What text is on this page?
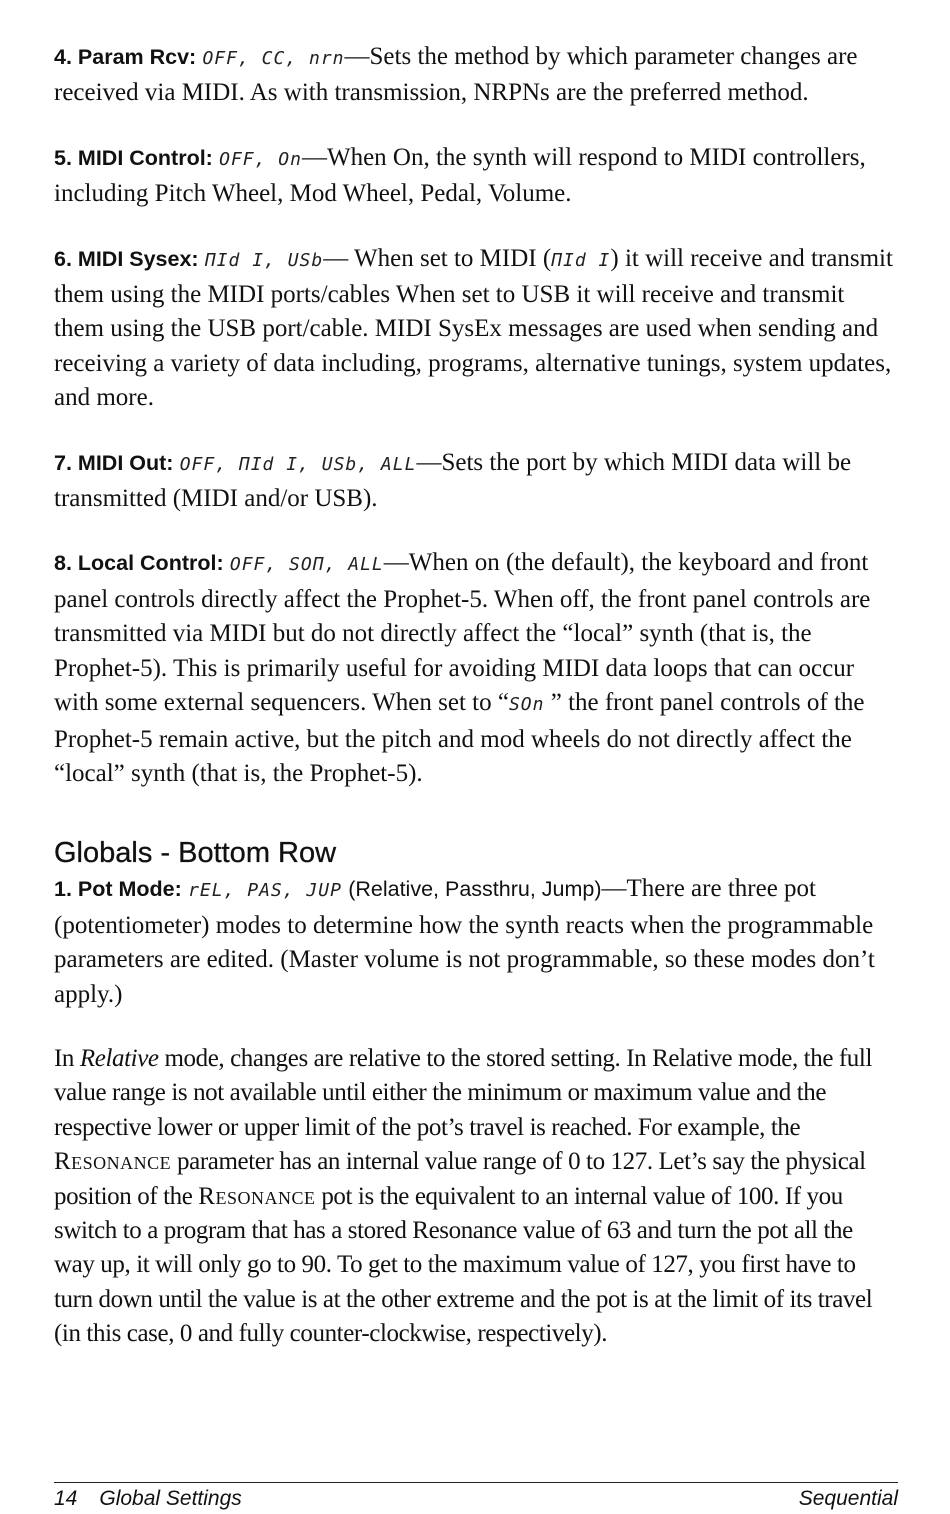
4. Param Rcv: OFF, CC, nrn—Sets the method by which parameter changes are received via MIDI. As with transmission, NRPNs are the preferred method.

5. MIDI Control: OFF, On—When On, the synth will respond to MIDI controllers, including Pitch Wheel, Mod Wheel, Pedal, Volume.

6. MIDI Sysex: ΠId I, USb— When set to MIDI (ΠId I) it will receive and transmit them using the MIDI ports/cables When set to USB it will receive and transmit them using the USB port/cable. MIDI SysEx messages are used when sending and receiving a variety of data including, programs, alternative tunings, system updates, and more.

7. MIDI Out: OFF, ΠId I, USb, ALL—Sets the port by which MIDI data will be transmitted (MIDI and/or USB).

8. Local Control: OFF, SOΠ, ALL—When on (the default), the keyboard and front panel controls directly affect the Prophet-5. When off, the front panel controls are transmitted via MIDI but do not directly affect the “local” synth (that is, the Prophet-5). This is primarily useful for avoiding MIDI data loops that can occur with some external sequencers. When set to “SOn ” the front panel controls of the Prophet-5 remain active, but the pitch and mod wheels do not directly affect the “local” synth (that is, the Prophet-5).

Globals - Bottom Row

1. Pot Mode: rEL, PAS, JUP (Relative, Passthru, Jump)—There are three pot (potentiometer) modes to determine how the synth reacts when the programmable parameters are edited. (Master volume is not programmable, so these modes don’t apply.)

In Relative mode, changes are relative to the stored setting. In Relative mode, the full value range is not available until either the minimum or maximum value and the respective lower or upper limit of the pot’s travel is reached. For example, the Resonance parameter has an internal value range of 0 to 127. Let’s say the physical position of the Resonance pot is the equivalent to an internal value of 100. If you switch to a program that has a stored Resonance value of 63 and turn the pot all the way up, it will only go to 90. To get to the maximum value of 127, you first have to turn down until the value is at the other extreme and the pot is at the limit of its travel (in this case, 0 and fully counter-clockwise, respectively).

14 Global Settings	Sequential
